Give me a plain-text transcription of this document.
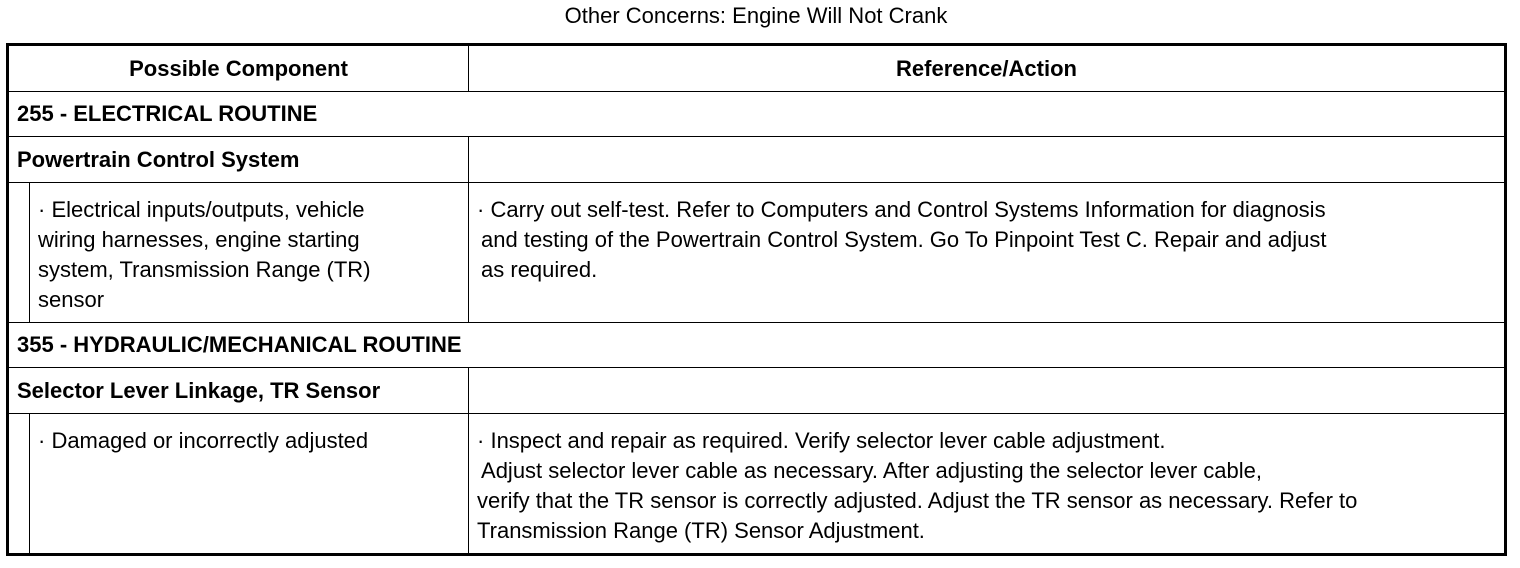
Other Concerns: Engine Will Not Crank
Possible Component		Reference/Action
255 - ELECTRICAL ROUTINE		
Powertrain Control System		

	· Electrical inputs/outputs, vehicle
wiring harnesses, engine starting
system, Transmission Range (TR)
sensor	· Carry out self-test. Refer to Computers and Control Systems Information for diagnosis
and testing of the Powertrain Control System. Go To Pinpoint Test C. Repair and adjust
as required.

355 - HYDRAULIC/MECHANICAL ROUTINE		
Selector Lever Linkage, TR Sensor		

	· Damaged or incorrectly adjusted	· Inspect and repair as required. Verify selector lever cable adjustment.
Adjust selector lever cable as necessary. After adjusting the selector lever cable,
verify that the TR sensor is correctly adjusted. Adjust the TR sensor as necessary. Refer to
Transmission Range (TR) Sensor Adjustment.
